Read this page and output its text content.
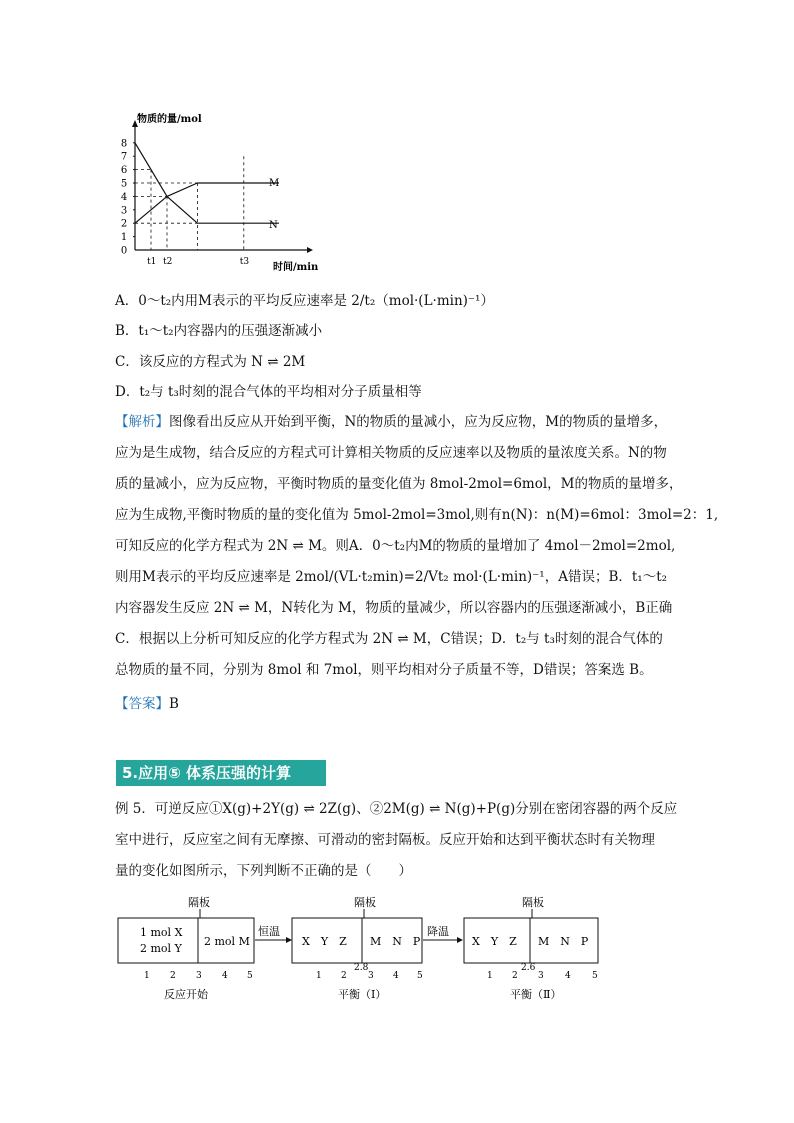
物质的量/mol
8
7
6
5
4
3
2
1
0
t1 t2	t3 时间/min
M
N
A．0～t₂内用M表示的平均反应速率是 2/t₂（mol·(L·min)⁻¹）
B．t₁～t₂内容器内的压强逐渐减小
C．该反应的方程式为 N ⇌ 2M
D．t₂与 t₃时刻的混合气体的平均相对分子质量相等
【解析】图像看出反应从开始到平衡，N的物质的量减小，应为反应物，M的物质的量增多，
应为是生成物，结合反应的方程式可计算相关物质的反应速率以及物质的量浓度关系。N的物
质的量减小，应为反应物，平衡时物质的量变化值为 8mol-2mol=6mol，M的物质的量增多，
应为生成物,平衡时物质的量的变化值为 5mol-2mol=3mol,则有n(N)：n(M)=6mol：3mol=2：1,
可知反应的化学方程式为 2N ⇌ M。则A．0～t₂内M的物质的量增加了 4mol－2mol=2mol,
则用M表示的平均反应速率是 2mol/(VL·t₂min)=2/Vt₂ mol·(L·min)⁻¹，A错误；B．t₁～t₂
内容器发生反应 2N ⇌ M，N转化为 M，物质的量减少，所以容器内的压强逐渐减小，B正确
C．根据以上分析可知反应的化学方程式为 2N ⇌ M，C错误；D．t₂与 t₃时刻的混合气体的
总物质的量不同，分别为 8mol 和 7mol，则平均相对分子质量不等，D错误；答案选 B。
【答案】B
5.应用⑤ 体系压强的计算
例 5．可逆反应①X(g)+2Y(g) ⇌ 2Z(g)、②2M(g) ⇌ N(g)+P(g)分别在密闭容器的两个反应
室中进行，反应室之间有无摩擦、可滑动的密封隔板。反应开始和达到平衡状态时有关物理
量的变化如图所示，下列判断不正确的是（　　）
隔板
1 mol X
2 mol Y
2 mol M
1 2 3 4 5
反应开始
恒温
隔板
X　Y　Z M　N　P
2.8
1 2 3 4 5
平衡（Ⅰ）
降温
隔板
X　Y　Z M　N　P
2.6
1 2 3 4 5
平衡（Ⅱ）
